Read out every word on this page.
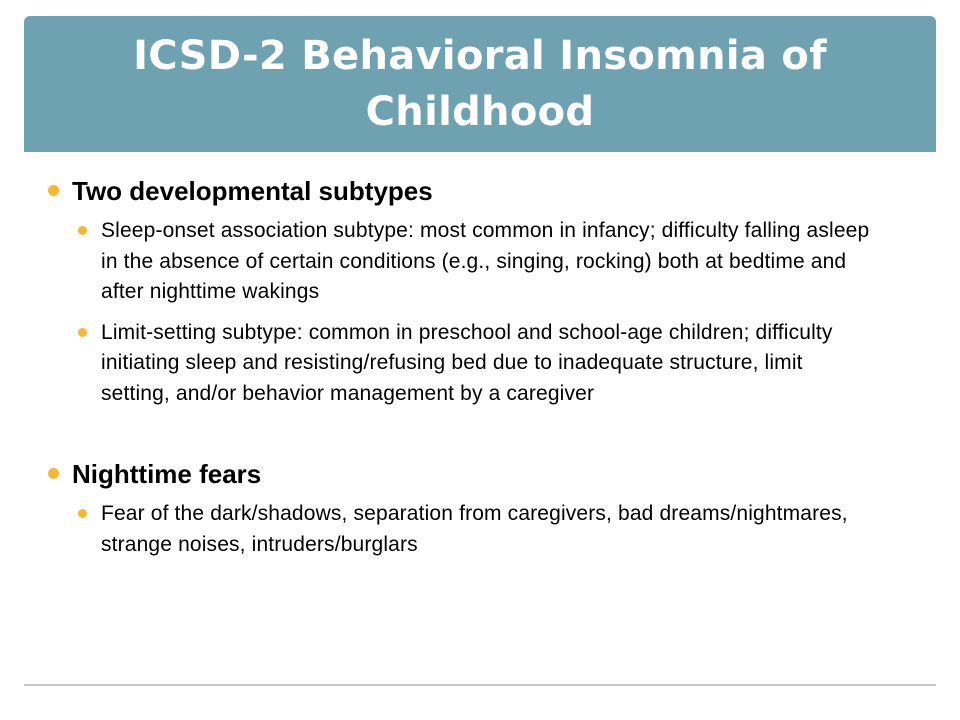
ICSD-2 Behavioral Insomnia of Childhood
Two developmental subtypes
Sleep-onset association subtype: most common in infancy; difficulty falling asleep in the absence of certain conditions (e.g., singing, rocking) both at bedtime and after nighttime wakings
Limit-setting subtype: common in preschool and school-age children; difficulty initiating sleep and resisting/refusing bed due to inadequate structure, limit setting, and/or behavior management by a caregiver
Nighttime fears
Fear of the dark/shadows, separation from caregivers, bad dreams/nightmares, strange noises, intruders/burglars
